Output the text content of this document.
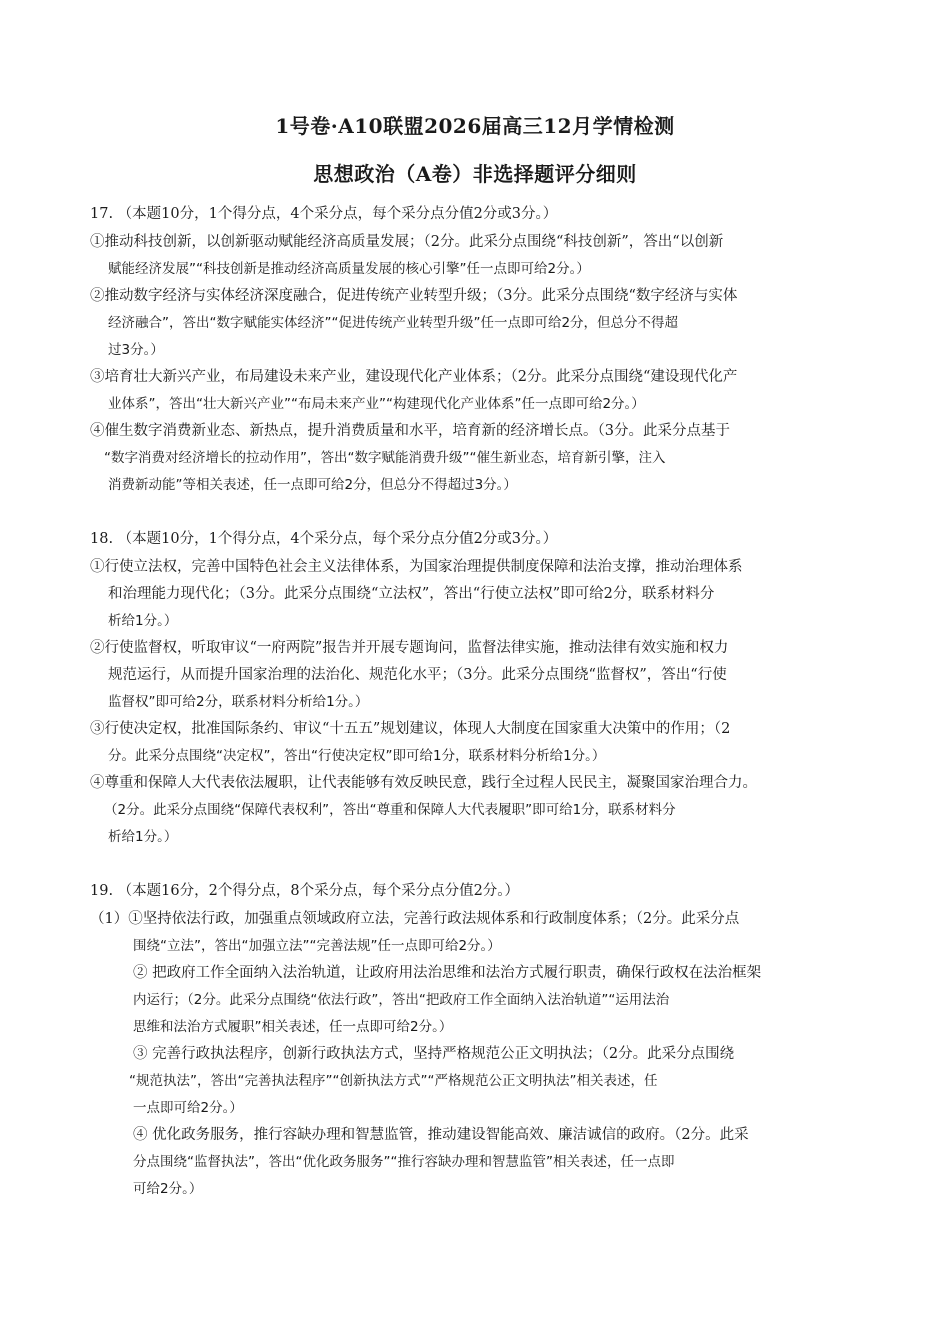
1号卷·A10联盟2026届高三12月学情检测
思想政治（A卷）非选择题评分细则
17. （本题10分，1个得分点，4个采分点，每个采分点分值2分或3分。）
①推动科技创新，以创新驱动赋能经济高质量发展；（2分。此采分点围绕“科技创新”，答出“以创新
赋能经济发展”“科技创新是推动经济高质量发展的核心引擎”任一点即可给2分。）
②推动数字经济与实体经济深度融合，促进传统产业转型升级；（3分。此采分点围绕“数字经济与实体
经济融合”，答出“数字赋能实体经济”“促进传统产业转型升级”任一点即可给2分，但总分不得超
过3分。）
③培育壮大新兴产业，布局建设未来产业，建设现代化产业体系；（2分。此采分点围绕“建设现代化产
业体系”，答出“壮大新兴产业”“布局未来产业”“构建现代化产业体系”任一点即可给2分。）
④催生数字消费新业态、新热点，提升消费质量和水平，培育新的经济增长点。（3分。此采分点基于
“数字消费对经济增长的拉动作用”，答出“数字赋能消费升级”“催生新业态，培育新引擎，注入
消费新动能”等相关表述，任一点即可给2分，但总分不得超过3分。）
18. （本题10分，1个得分点，4个采分点，每个采分点分值2分或3分。）
①行使立法权，完善中国特色社会主义法律体系，为国家治理提供制度保障和法治支撑，推动治理体系
和治理能力现代化；（3分。此采分点围绕“立法权”，答出“行使立法权”即可给2分，联系材料分
析给1分。）
②行使监督权，听取审议“一府两院”报告并开展专题询问，监督法律实施，推动法律有效实施和权力
规范运行，从而提升国家治理的法治化、规范化水平；（3分。此采分点围绕“监督权”，答出“行使
监督权”即可给2分，联系材料分析给1分。）
③行使决定权，批准国际条约、审议“十五五”规划建议，体现人大制度在国家重大决策中的作用；（2
分。此采分点围绕“决定权”，答出“行使决定权”即可给1分，联系材料分析给1分。）
④尊重和保障人大代表依法履职，让代表能够有效反映民意，践行全过程人民民主，凝聚国家治理合力。
（2分。此采分点围绕“保障代表权利”，答出“尊重和保障人大代表履职”即可给1分，联系材料分
析给1分。）
19. （本题16分，2个得分点，8个采分点，每个采分点分值2分。）
（1）①坚持依法行政，加强重点领域政府立法，完善行政法规体系和行政制度体系；（2分。此采分点
围绕“立法”，答出“加强立法”“完善法规”任一点即可给2分。）
② 把政府工作全面纳入法治轨道，让政府用法治思维和法治方式履行职责，确保行政权在法治框架
内运行；（2分。此采分点围绕“依法行政”，答出“把政府工作全面纳入法治轨道”“运用法治
思维和法治方式履职”相关表述，任一点即可给2分。）
③ 完善行政执法程序，创新行政执法方式，坚持严格规范公正文明执法；（2分。此采分点围绕
“规范执法”，答出“完善执法程序”“创新执法方式”“严格规范公正文明执法”相关表述，任
一点即可给2分。）
④ 优化政务服务，推行容缺办理和智慧监管，推动建设智能高效、廉洁诚信的政府。（2分。此采
分点围绕“监督执法”，答出“优化政务服务”“推行容缺办理和智慧监管”相关表述，任一点即
可给2分。）
